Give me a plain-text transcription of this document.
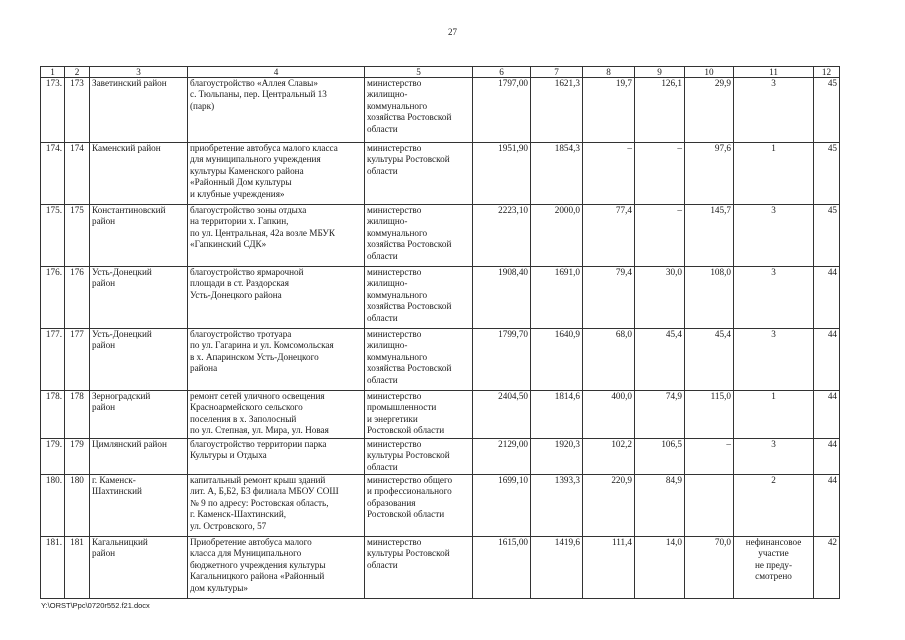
27
1	2	3	4	5	6	7	8	9	10	11	12
173.	173	Заветинский район	благоустройство «Аллея Славы»
с. Тюльпаны, пер. Центральный 13
(парк)	министерство
жилищно-
коммунального
хозяйства Ростовской
области	1797,00	1621,3	19,7	126,1	29,9	3	45
174.	174	Каменский район	приобретение автобуса малого класса
для муниципального учреждения
культуры Каменского района
«Районный Дом культуры
и клубные учреждения»	министерство
культуры Ростовской
области	1951,90	1854,3	–	–	97,6	1	45
175.	175	Константиновский
район	благоустройство зоны отдыха
на территории х. Гапкин,
по ул. Центральная, 42а возле МБУК
«Гапкинский СДК»	министерство
жилищно-
коммунального
хозяйства Ростовской
области	2223,10	2000,0	77,4	–	145,7	3	45
176.	176	Усть-Донецкий
район	благоустройство ярмарочной
площади в ст. Раздорская
Усть-Донецкого района	министерство
жилищно-
коммунального
хозяйства Ростовской
области	1908,40	1691,0	79,4	30,0	108,0	3	44
177.	177	Усть-Донецкий
район	благоустройство тротуара
по ул. Гагарина и ул. Комсомольская
в х. Апаринском Усть-Донецкого
района	министерство
жилищно-
коммунального
хозяйства Ростовской
области	1799,70	1640,9	68,0	45,4	45,4	3	44
178.	178	Зерноградский
район	ремонт сетей уличного освещения
Красноармейского сельского
поселения в х. Заполосный
по ул. Степная, ул. Мира, ул. Новая	министерство
промышленности
и энергетики
Ростовской области	2404,50	1814,6	400,0	74,9	115,0	1	44
179.	179	Цимлянский район	благоустройство территории парка
Культуры и Отдыха	министерство
культуры Ростовской
области	2129,00	1920,3	102,2	106,5	–	3	44
180.	180	г. Каменск-
Шахтинский	капитальный ремонт крыш зданий
лит. А, Б,Б2, Б3 филиала МБОУ СОШ
№ 9 по адресу: Ростовская область,
г. Каменск-Шахтинский,
ул. Островского, 57	министерство общего
и профессионального
образования
Ростовской области	1699,10	1393,3	220,9	84,9		2	44
181.	181	Кагальницкий
район	Приобретение автобуса малого
класса для Муниципального
бюджетного учреждения культуры
Кагальницкого района «Районный
дом культуры»	министерство
культуры Ростовской
области	1615,00	1419,6	111,4	14,0	70,0	нефинансовое
участие
не преду-
смотрено	42
Y:\ORST\Ppc\0720r552.f21.docx
